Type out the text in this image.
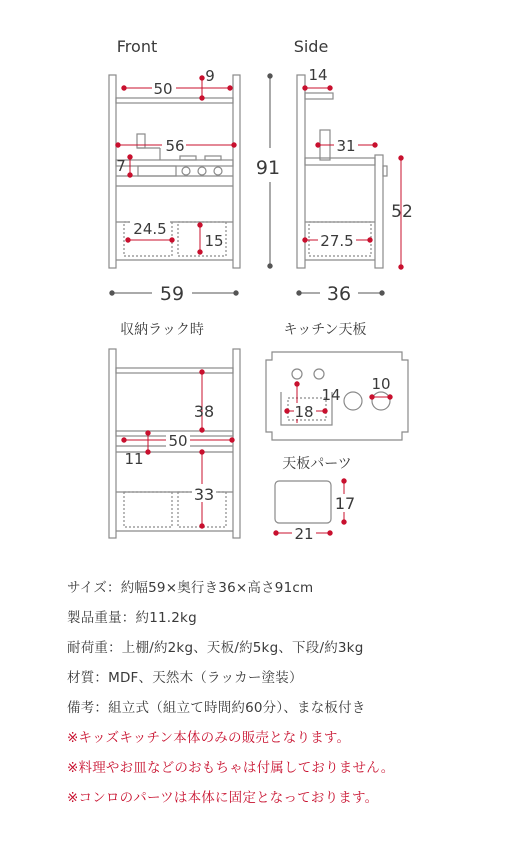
Front
50
9
56
7
24.5
15
59
91
Side
14
31
27.5
52
36
収納ラック時
38
50
11
33
キッチン天板
18
14
10
天板パーツ
17
21
サイズ：約幅59×奥行き36×高さ91cm
製品重量：約11.2kg
耐荷重：上棚/約2kg、天板/約5kg、下段/約3kg
材質：MDF、天然木（ラッカー塗装）
備考：組立式（組立て時間約60分）、まな板付き
※キッズキッチン本体のみの販売となります。
※料理やお皿などのおもちゃは付属しておりません。
※コンロのパーツは本体に固定となっております。
